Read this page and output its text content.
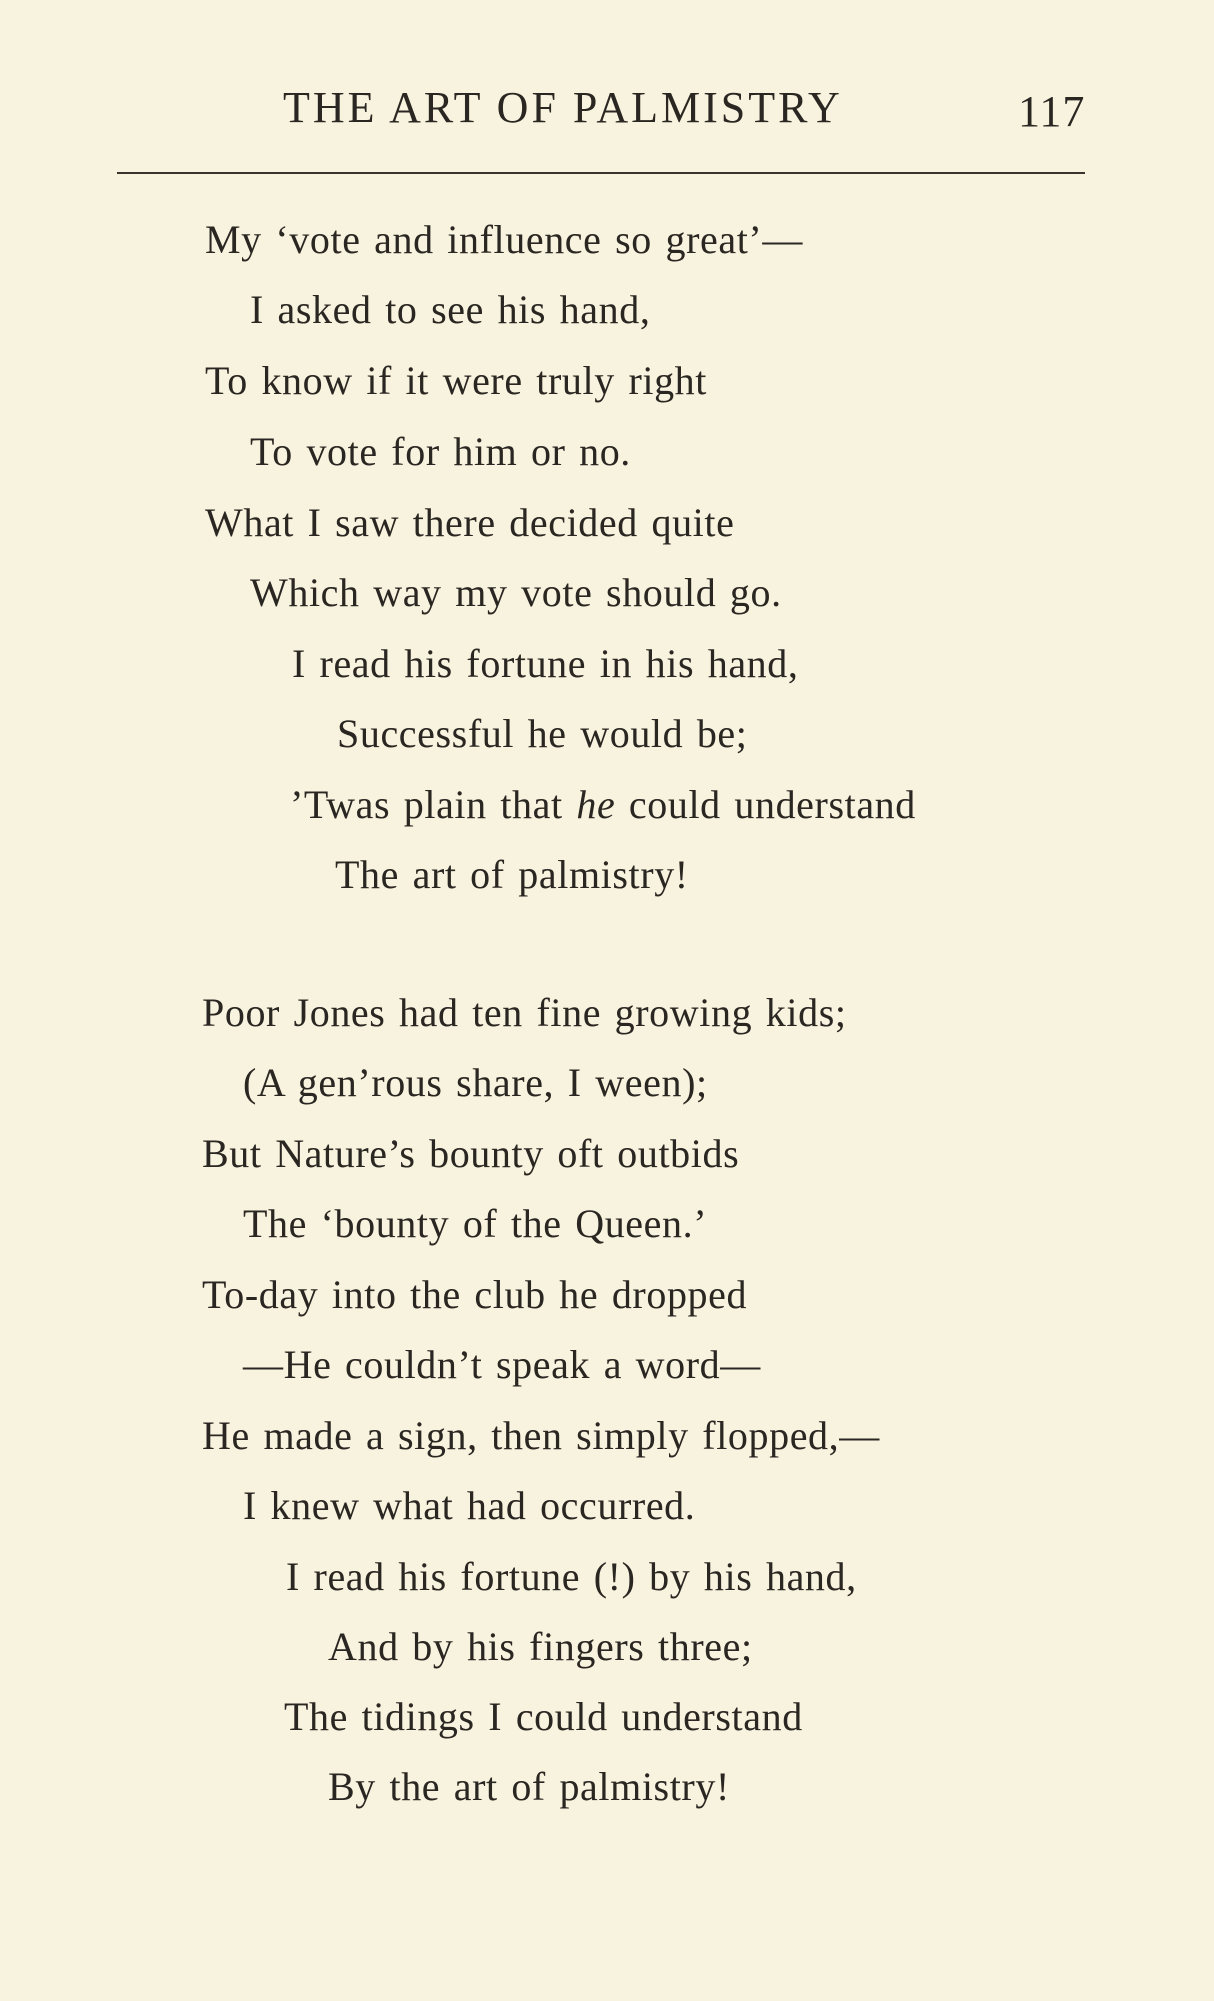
THE ART OF PALMISTRY	117
My ‘vote and influence so great’—
I asked to see his hand,
To know if it were truly right
To vote for him or no.
What I saw there decided quite
Which way my vote should go.
I read his fortune in his hand,
Successful he would be;
’Twas plain that he could understand
The art of palmistry!
Poor Jones had ten fine growing kids;
(A gen’rous share, I ween);
But Nature’s bounty oft outbids
The ‘bounty of the Queen.’
To-day into the club he dropped
—He couldn’t speak a word—
He made a sign, then simply flopped,—
I knew what had occurred.
I read his fortune (!) by his hand,
And by his fingers three;
The tidings I could understand
By the art of palmistry!
